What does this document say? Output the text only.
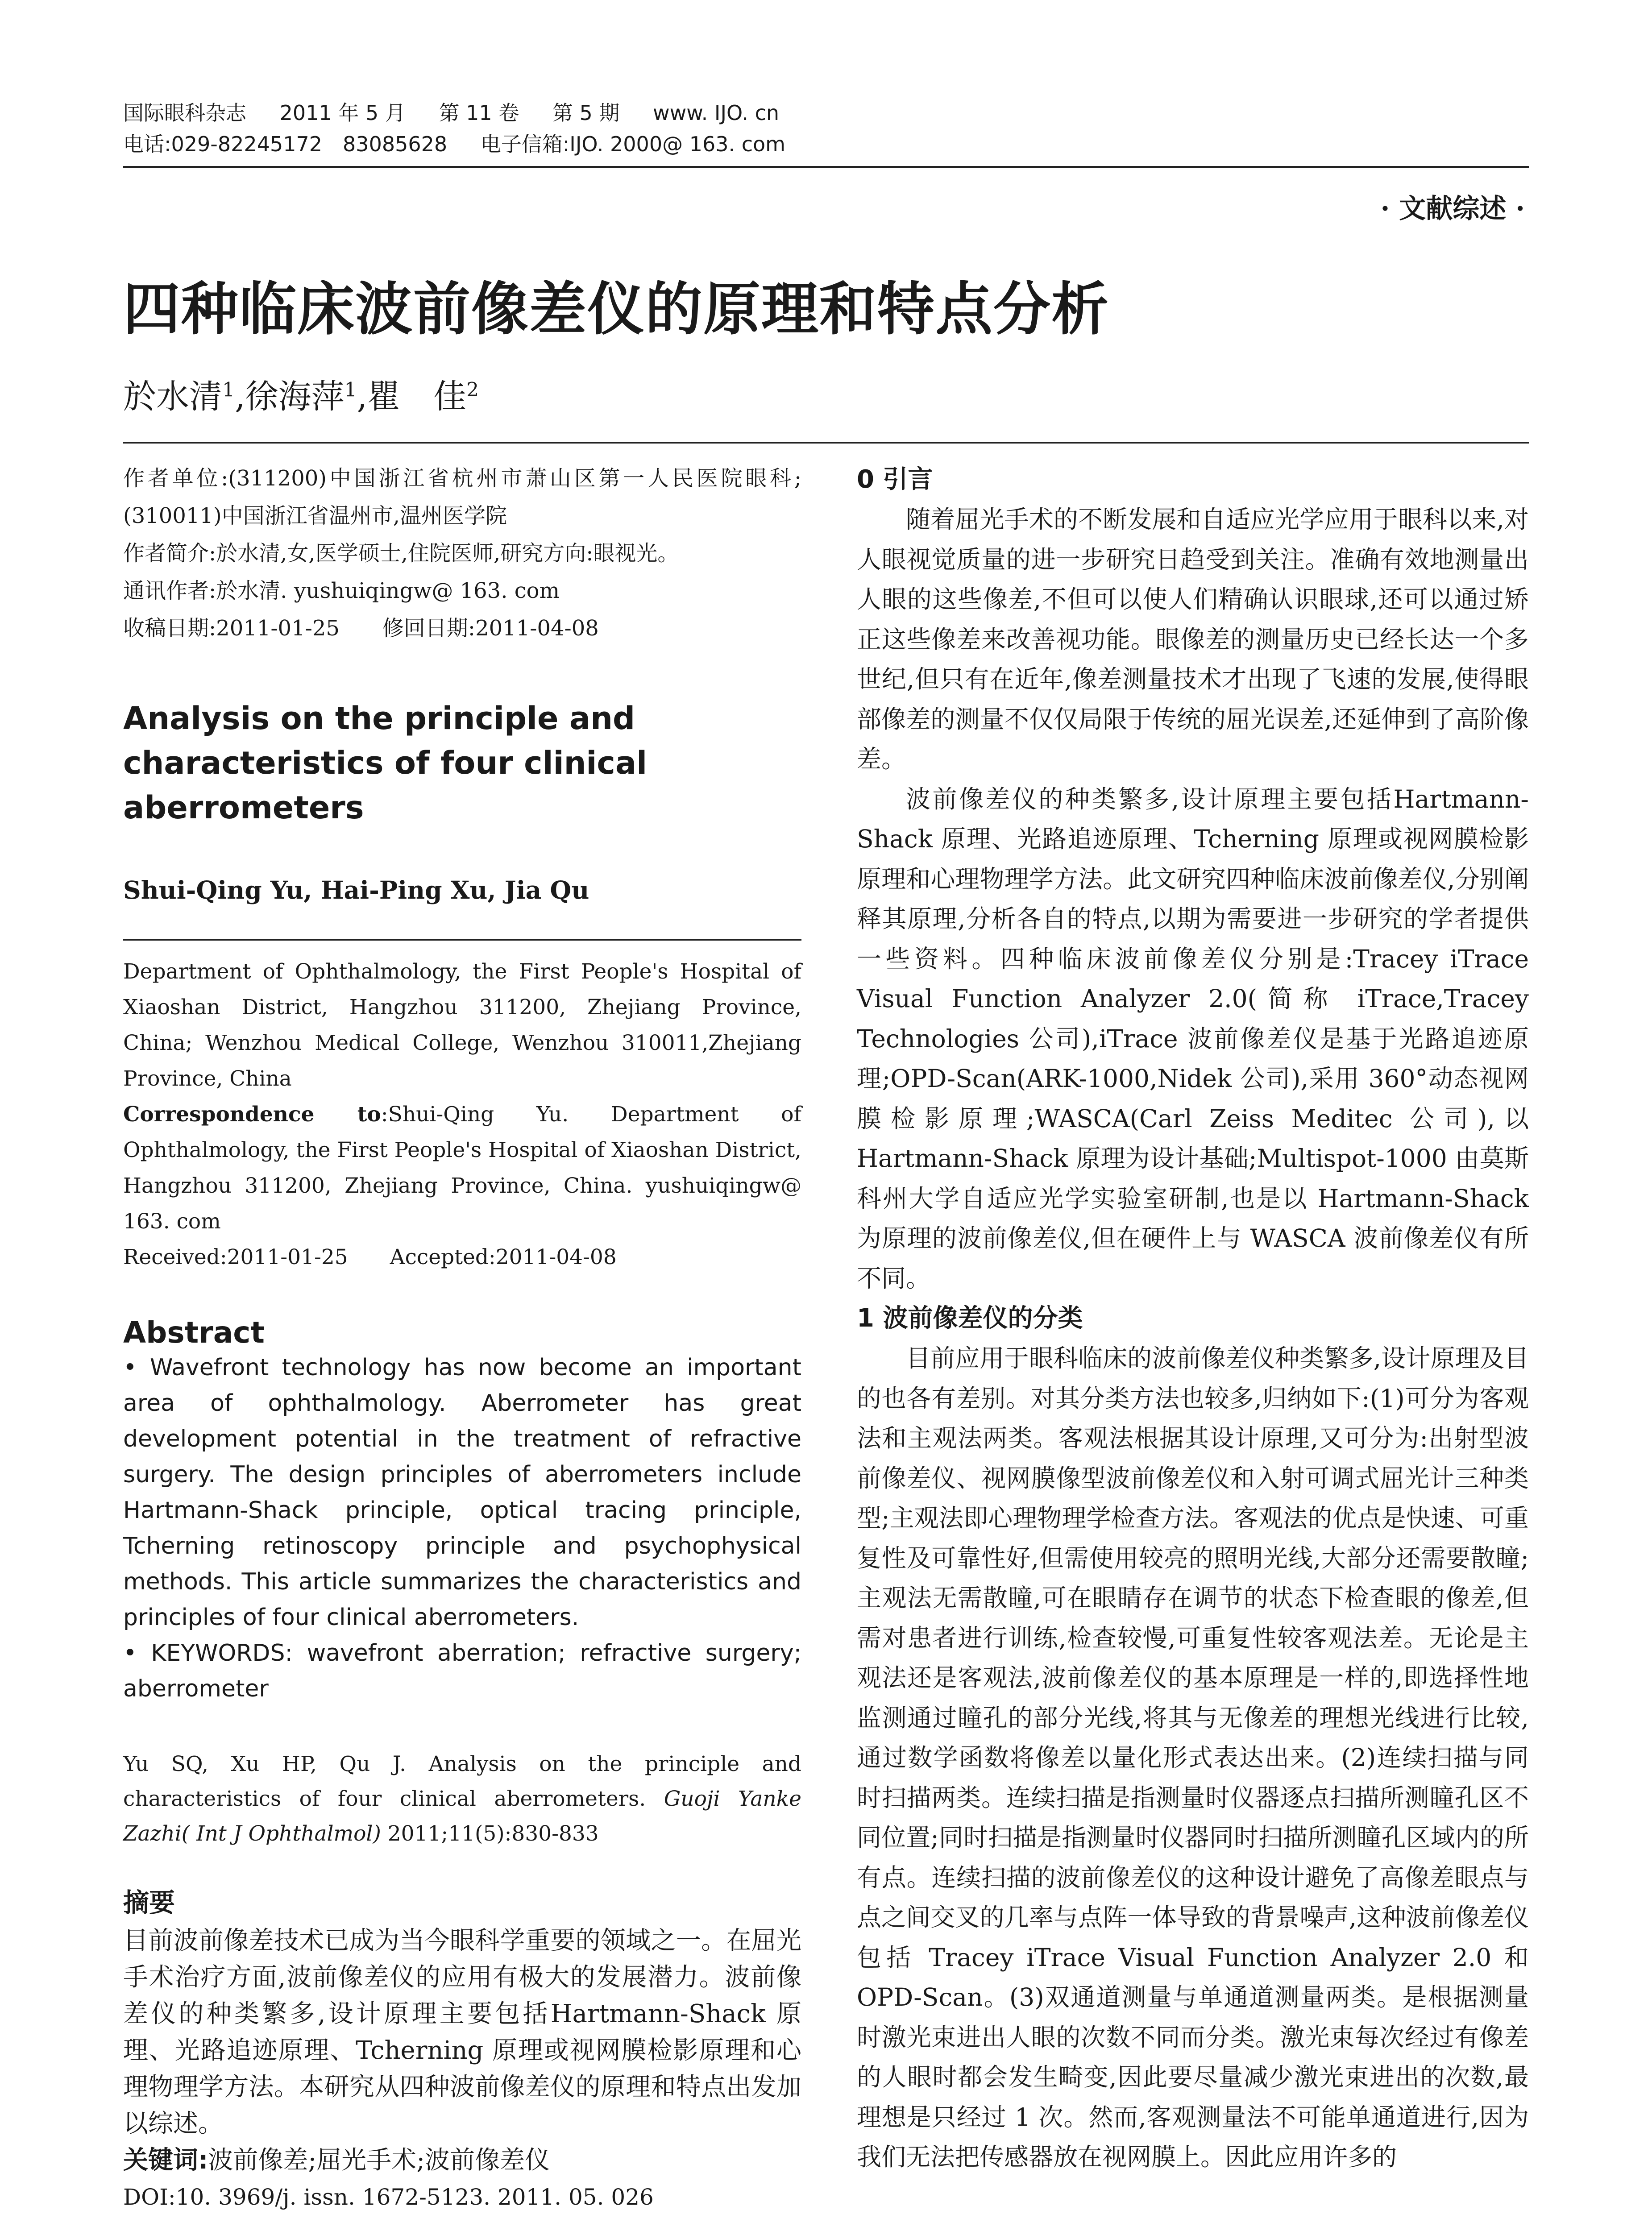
国际眼科杂志 2011 年 5 月 第 11 卷 第 5 期 www. IJO. cn
电话:029-82245172　83085628 电子信箱:IJO. 2000@ 163. com
· 文献综述 ·
四种临床波前像差仪的原理和特点分析
於水清$^1$,徐海萍$^1$,瞿　佳$^2$
作者单位:(311200)中国浙江省杭州市萧山区第一人民医院眼科;(310011)中国浙江省温州市,温州医学院
作者简介:於水清,女,医学硕士,住院医师,研究方向:眼视光。
通讯作者:於水清. yushuiqingw@ 163. com
收稿日期:2011-01-25　　修回日期:2011-04-08
Analysis on the principle and characteristics of four clinical aberrometers
Shui-Qing Yu, Hai-Ping Xu, Jia Qu
Department of Ophthalmology, the First People's Hospital of Xiaoshan District, Hangzhou 311200, Zhejiang Province, China; Wenzhou Medical College, Wenzhou 310011,Zhejiang Province, China
Correspondence to:Shui-Qing Yu. Department of Ophthalmology, the First People's Hospital of Xiaoshan District, Hangzhou 311200, Zhejiang Province, China. yushuiqingw@ 163. com
Received:2011-01-25　　Accepted:2011-04-08
Abstract
• Wavefront technology has now become an important area of ophthalmology. Aberrometer has great development potential in the treatment of refractive surgery. The design principles of aberrometers include Hartmann-Shack principle, optical tracing principle, Tcherning retinoscopy principle and psychophysical methods. This article summarizes the characteristics and principles of four clinical aberrometers.
• KEYWORDS: wavefront aberration; refractive surgery; aberrometer
Yu SQ, Xu HP, Qu J. Analysis on the principle and characteristics of four clinical aberrometers. Guoji Yanke Zazhi( Int J Ophthalmol) 2011;11(5):830-833
摘要
目前波前像差技术已成为当今眼科学重要的领域之一。在屈光手术治疗方面,波前像差仪的应用有极大的发展潜力。波前像差仪的种类繁多,设计原理主要包括Hartmann-Shack 原理、光路追迹原理、Tcherning 原理或视网膜检影原理和心理物理学方法。本研究从四种波前像差仪的原理和特点出发加以综述。
关键词:波前像差;屈光手术;波前像差仪
DOI:10. 3969/j. issn. 1672-5123. 2011. 05. 026
0 引言

随着屈光手术的不断发展和自适应光学应用于眼科以来,对人眼视觉质量的进一步研究日趋受到关注。准确有效地测量出人眼的这些像差,不但可以使人们精确认识眼球,还可以通过矫正这些像差来改善视功能。眼像差的测量历史已经长达一个多世纪,但只有在近年,像差测量技术才出现了飞速的发展,使得眼部像差的测量不仅仅局限于传统的屈光误差,还延伸到了高阶像差。

波前像差仪的种类繁多,设计原理主要包括Hartmann-Shack 原理、光路追迹原理、Tcherning 原理或视网膜检影原理和心理物理学方法。此文研究四种临床波前像差仪,分别阐释其原理,分析各自的特点,以期为需要进一步研究的学者提供一些资料。四种临床波前像差仪分别是:Tracey iTrace Visual Function Analyzer 2.0(简称 iTrace,Tracey Technologies 公司),iTrace 波前像差仪是基于光路追迹原理;OPD-Scan(ARK-1000,Nidek 公司),采用 360°动态视网膜检影原理;WASCA(Carl Zeiss Meditec 公司),以 Hartmann-Shack 原理为设计基础;Multispot-1000 由莫斯科州大学自适应光学实验室研制,也是以 Hartmann-Shack 为原理的波前像差仪,但在硬件上与 WASCA 波前像差仪有所不同。

1 波前像差仪的分类

目前应用于眼科临床的波前像差仪种类繁多,设计原理及目的也各有差别。对其分类方法也较多,归纳如下:(1)可分为客观法和主观法两类。客观法根据其设计原理,又可分为:出射型波前像差仪、视网膜像型波前像差仪和入射可调式屈光计三种类型;主观法即心理物理学检查方法。客观法的优点是快速、可重复性及可靠性好,但需使用较亮的照明光线,大部分还需要散瞳;主观法无需散瞳,可在眼睛存在调节的状态下检查眼的像差,但需对患者进行训练,检查较慢,可重复性较客观法差。无论是主观法还是客观法,波前像差仪的基本原理是一样的,即选择性地监测通过瞳孔的部分光线,将其与无像差的理想光线进行比较,通过数学函数将像差以量化形式表达出来。(2)连续扫描与同时扫描两类。连续扫描是指测量时仪器逐点扫描所测瞳孔区不同位置;同时扫描是指测量时仪器同时扫描所测瞳孔区域内的所有点。连续扫描的波前像差仪的这种设计避免了高像差眼点与点之间交叉的几率与点阵一体导致的背景噪声,这种波前像差仪包括 Tracey iTrace Visual Function Analyzer 2.0 和 OPD-Scan。(3)双通道测量与单通道测量两类。是根据测量时激光束进出人眼的次数不同而分类。激光束每次经过有像差的人眼时都会发生畸变,因此要尽量减少激光束进出的次数,最理想是只经过 1 次。然而,客观测量法不可能单通道进行,因为我们无法把传感器放在视网膜上。因此应用许多的
